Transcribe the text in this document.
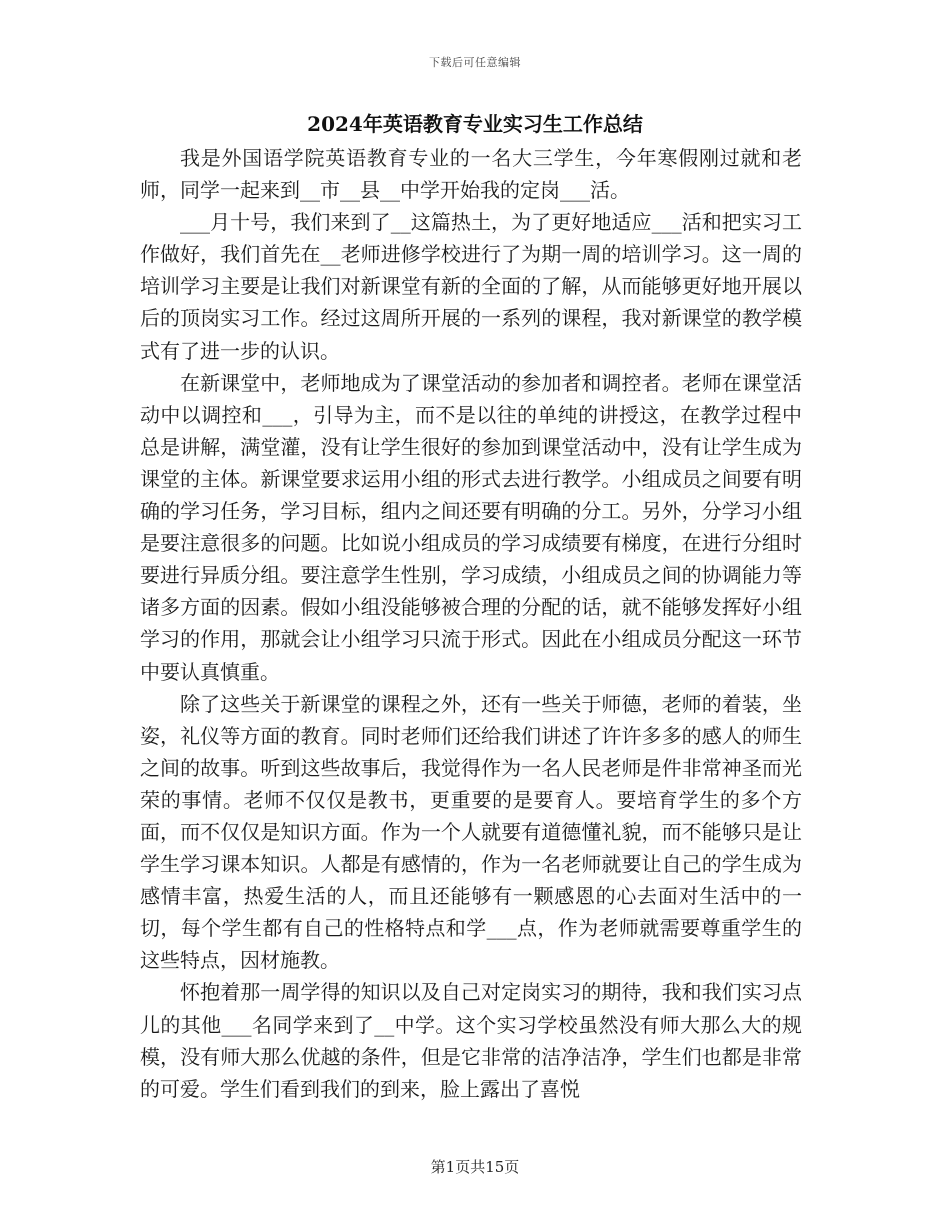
下载后可任意编辑
2024年英语教育专业实习生工作总结

我是外国语学院英语教育专业的一名大三学生，今年寒假刚过就和老师，同学一起来到__市__县__中学开始我的定岗___活。

___月十号，我们来到了__这篇热土，为了更好地适应___活和把实习工作做好，我们首先在__老师进修学校进行了为期一周的培训学习。这一周的培训学习主要是让我们对新课堂有新的全面的了解，从而能够更好地开展以后的顶岗实习工作。经过这周所开展的一系列的课程，我对新课堂的教学模式有了进一步的认识。

在新课堂中，老师地成为了课堂活动的参加者和调控者。老师在课堂活动中以调控和___，引导为主，而不是以往的单纯的讲授这，在教学过程中总是讲解，满堂灌，没有让学生很好的参加到课堂活动中，没有让学生成为课堂的主体。新课堂要求运用小组的形式去进行教学。小组成员之间要有明确的学习任务，学习目标，组内之间还要有明确的分工。另外，分学习小组是要注意很多的问题。比如说小组成员的学习成绩要有梯度，在进行分组时要进行异质分组。要注意学生性别，学习成绩，小组成员之间的协调能力等诸多方面的因素。假如小组没能够被合理的分配的话，就不能够发挥好小组学习的作用，那就会让小组学习只流于形式。因此在小组成员分配这一环节中要认真慎重。

除了这些关于新课堂的课程之外，还有一些关于师德，老师的着装，坐姿，礼仪等方面的教育。同时老师们还给我们讲述了许许多多的感人的师生之间的故事。听到这些故事后，我觉得作为一名人民老师是件非常神圣而光荣的事情。老师不仅仅是教书，更重要的是要育人。要培育学生的多个方面，而不仅仅是知识方面。作为一个人就要有道德懂礼貌，而不能够只是让学生学习课本知识。人都是有感情的，作为一名老师就要让自己的学生成为感情丰富，热爱生活的人，而且还能够有一颗感恩的心去面对生活中的一切，每个学生都有自己的性格特点和学___点，作为老师就需要尊重学生的这些特点，因材施教。

怀抱着那一周学得的知识以及自己对定岗实习的期待，我和我们实习点儿的其他___名同学来到了__中学。这个实习学校虽然没有师大那么大的规模，没有师大那么优越的条件，但是它非常的洁净洁净，学生们也都是非常的可爱。学生们看到我们的到来，脸上露出了喜悦

第1页共15页
